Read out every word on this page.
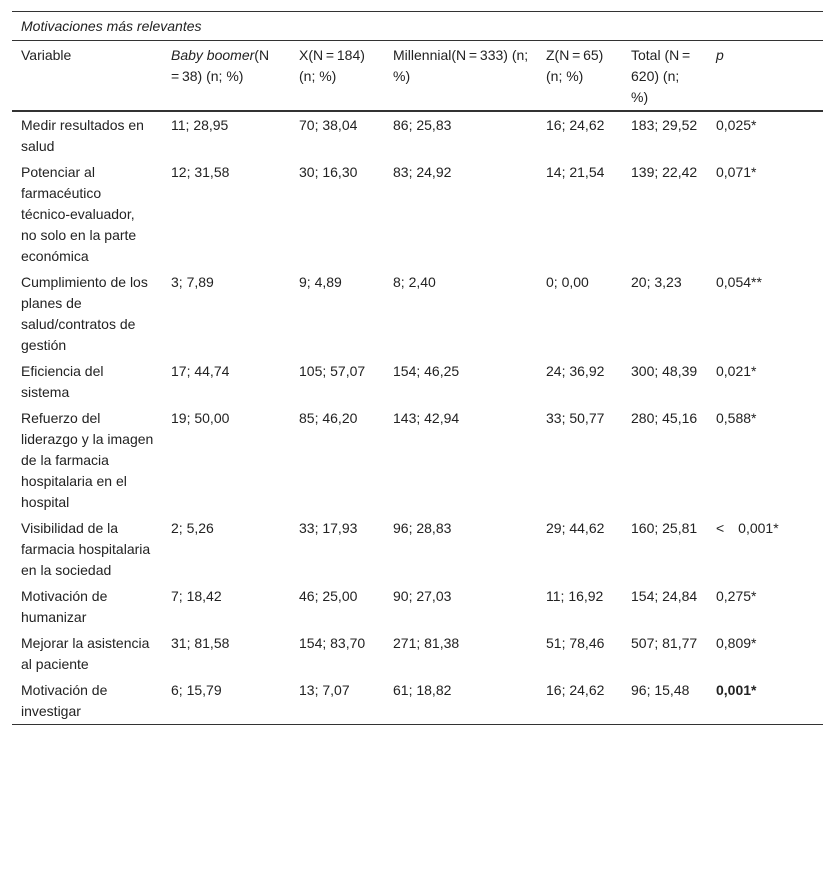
Motivaciones más relevantes						
Variable	Baby boomer(N = 38) (n; %)	X(N = 184) (n; %)	Millennial(N = 333) (n; %)	Z(N = 65) (n; %)	Total (N = 620) (n; %)	p
Medir resultados en salud	11; 28,95	70; 38,04	86; 25,83	16; 24,62	183; 29,52	0,025*
Potenciar al farmacéutico técnico-evaluador, no solo en la parte económica	12; 31,58	30; 16,30	83; 24,92	14; 21,54	139; 22,42	0,071*
Cumplimiento de los planes de salud/contratos de gestión	3; 7,89	9; 4,89	8; 2,40	0; 0,00	20; 3,23	0,054**
Eficiencia del sistema	17; 44,74	105; 57,07	154; 46,25	24; 36,92	300; 48,39	0,021*
Refuerzo del liderazgo y la imagen de la farmacia hospitalaria en el hospital	19; 50,00	85; 46,20	143; 42,94	33; 50,77	280; 45,16	0,588*
Visibilidad de la farmacia hospitalaria en la sociedad	2; 5,26	33; 17,93	96; 28,83	29; 44,62	160; 25,81	< 0,001*
Motivación de humanizar	7; 18,42	46; 25,00	90; 27,03	11; 16,92	154; 24,84	0,275*
Mejorar la asistencia al paciente	31; 81,58	154; 83,70	271; 81,38	51; 78,46	507; 81,77	0,809*
Motivación de investigar	6; 15,79	13; 7,07	61; 18,82	16; 24,62	96; 15,48	0,001*
